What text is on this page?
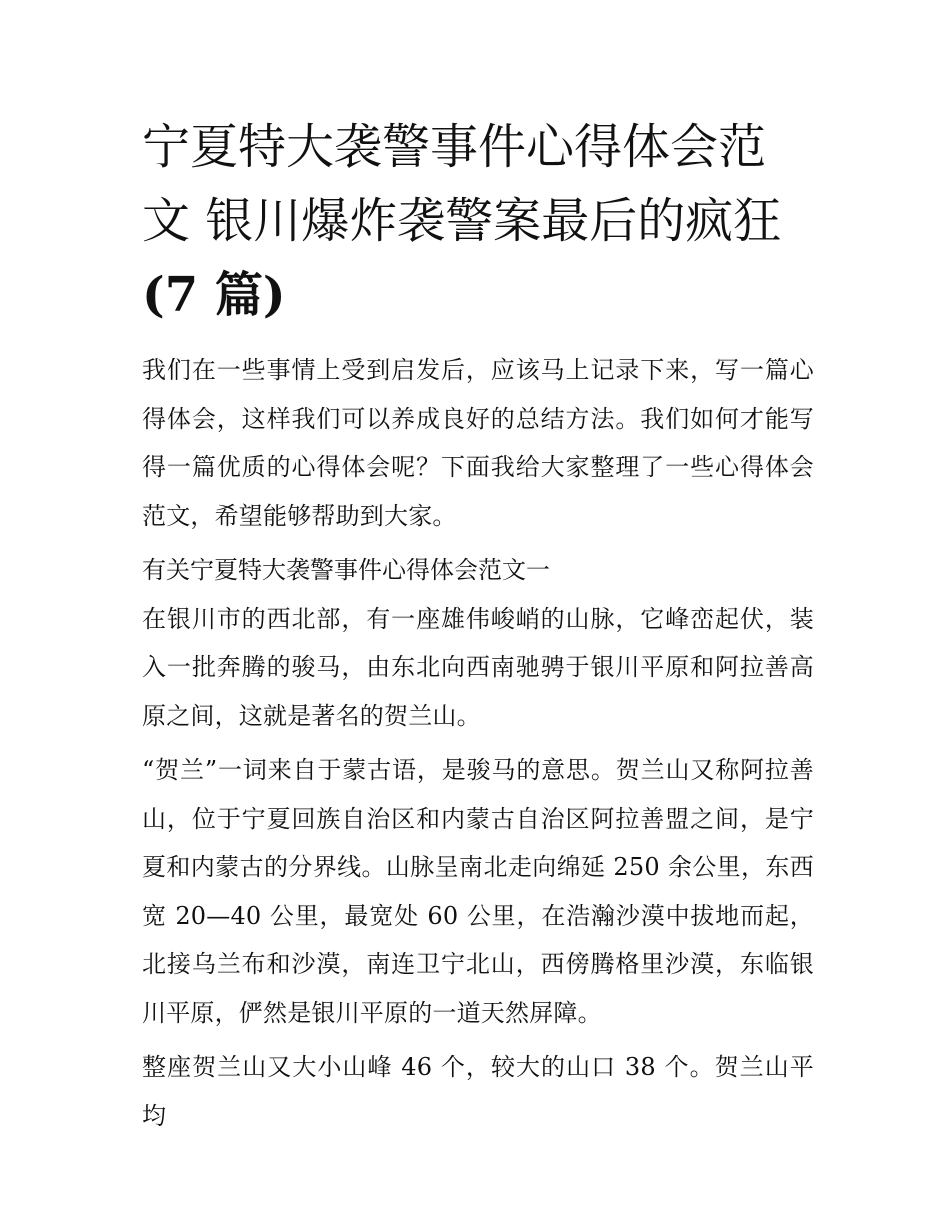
宁夏特大袭警事件心得体会范
文 银川爆炸袭警案最后的疯狂
(7 篇)

我们在一些事情上受到启发后，应该马上记录下来，写一篇心得体会，这样我们可以养成良好的总结方法。我们如何才能写得一篇优质的心得体会呢？下面我给大家整理了一些心得体会范文，希望能够帮助到大家。

有关宁夏特大袭警事件心得体会范文一

在银川市的西北部，有一座雄伟峻峭的山脉，它峰峦起伏，装入一批奔腾的骏马，由东北向西南驰骋于银川平原和阿拉善高原之间，这就是著名的贺兰山。

“贺兰”一词来自于蒙古语，是骏马的意思。贺兰山又称阿拉善山，位于宁夏回族自治区和内蒙古自治区阿拉善盟之间，是宁夏和内蒙古的分界线。山脉呈南北走向绵延 250 余公里，东西宽 20—40 公里，最宽处 60 公里，在浩瀚沙漠中拔地而起，北接乌兰布和沙漠，南连卫宁北山，西傍腾格里沙漠，东临银川平原，俨然是银川平原的一道天然屏障。

整座贺兰山又大小山峰 46 个，较大的山口 38 个。贺兰山平均
